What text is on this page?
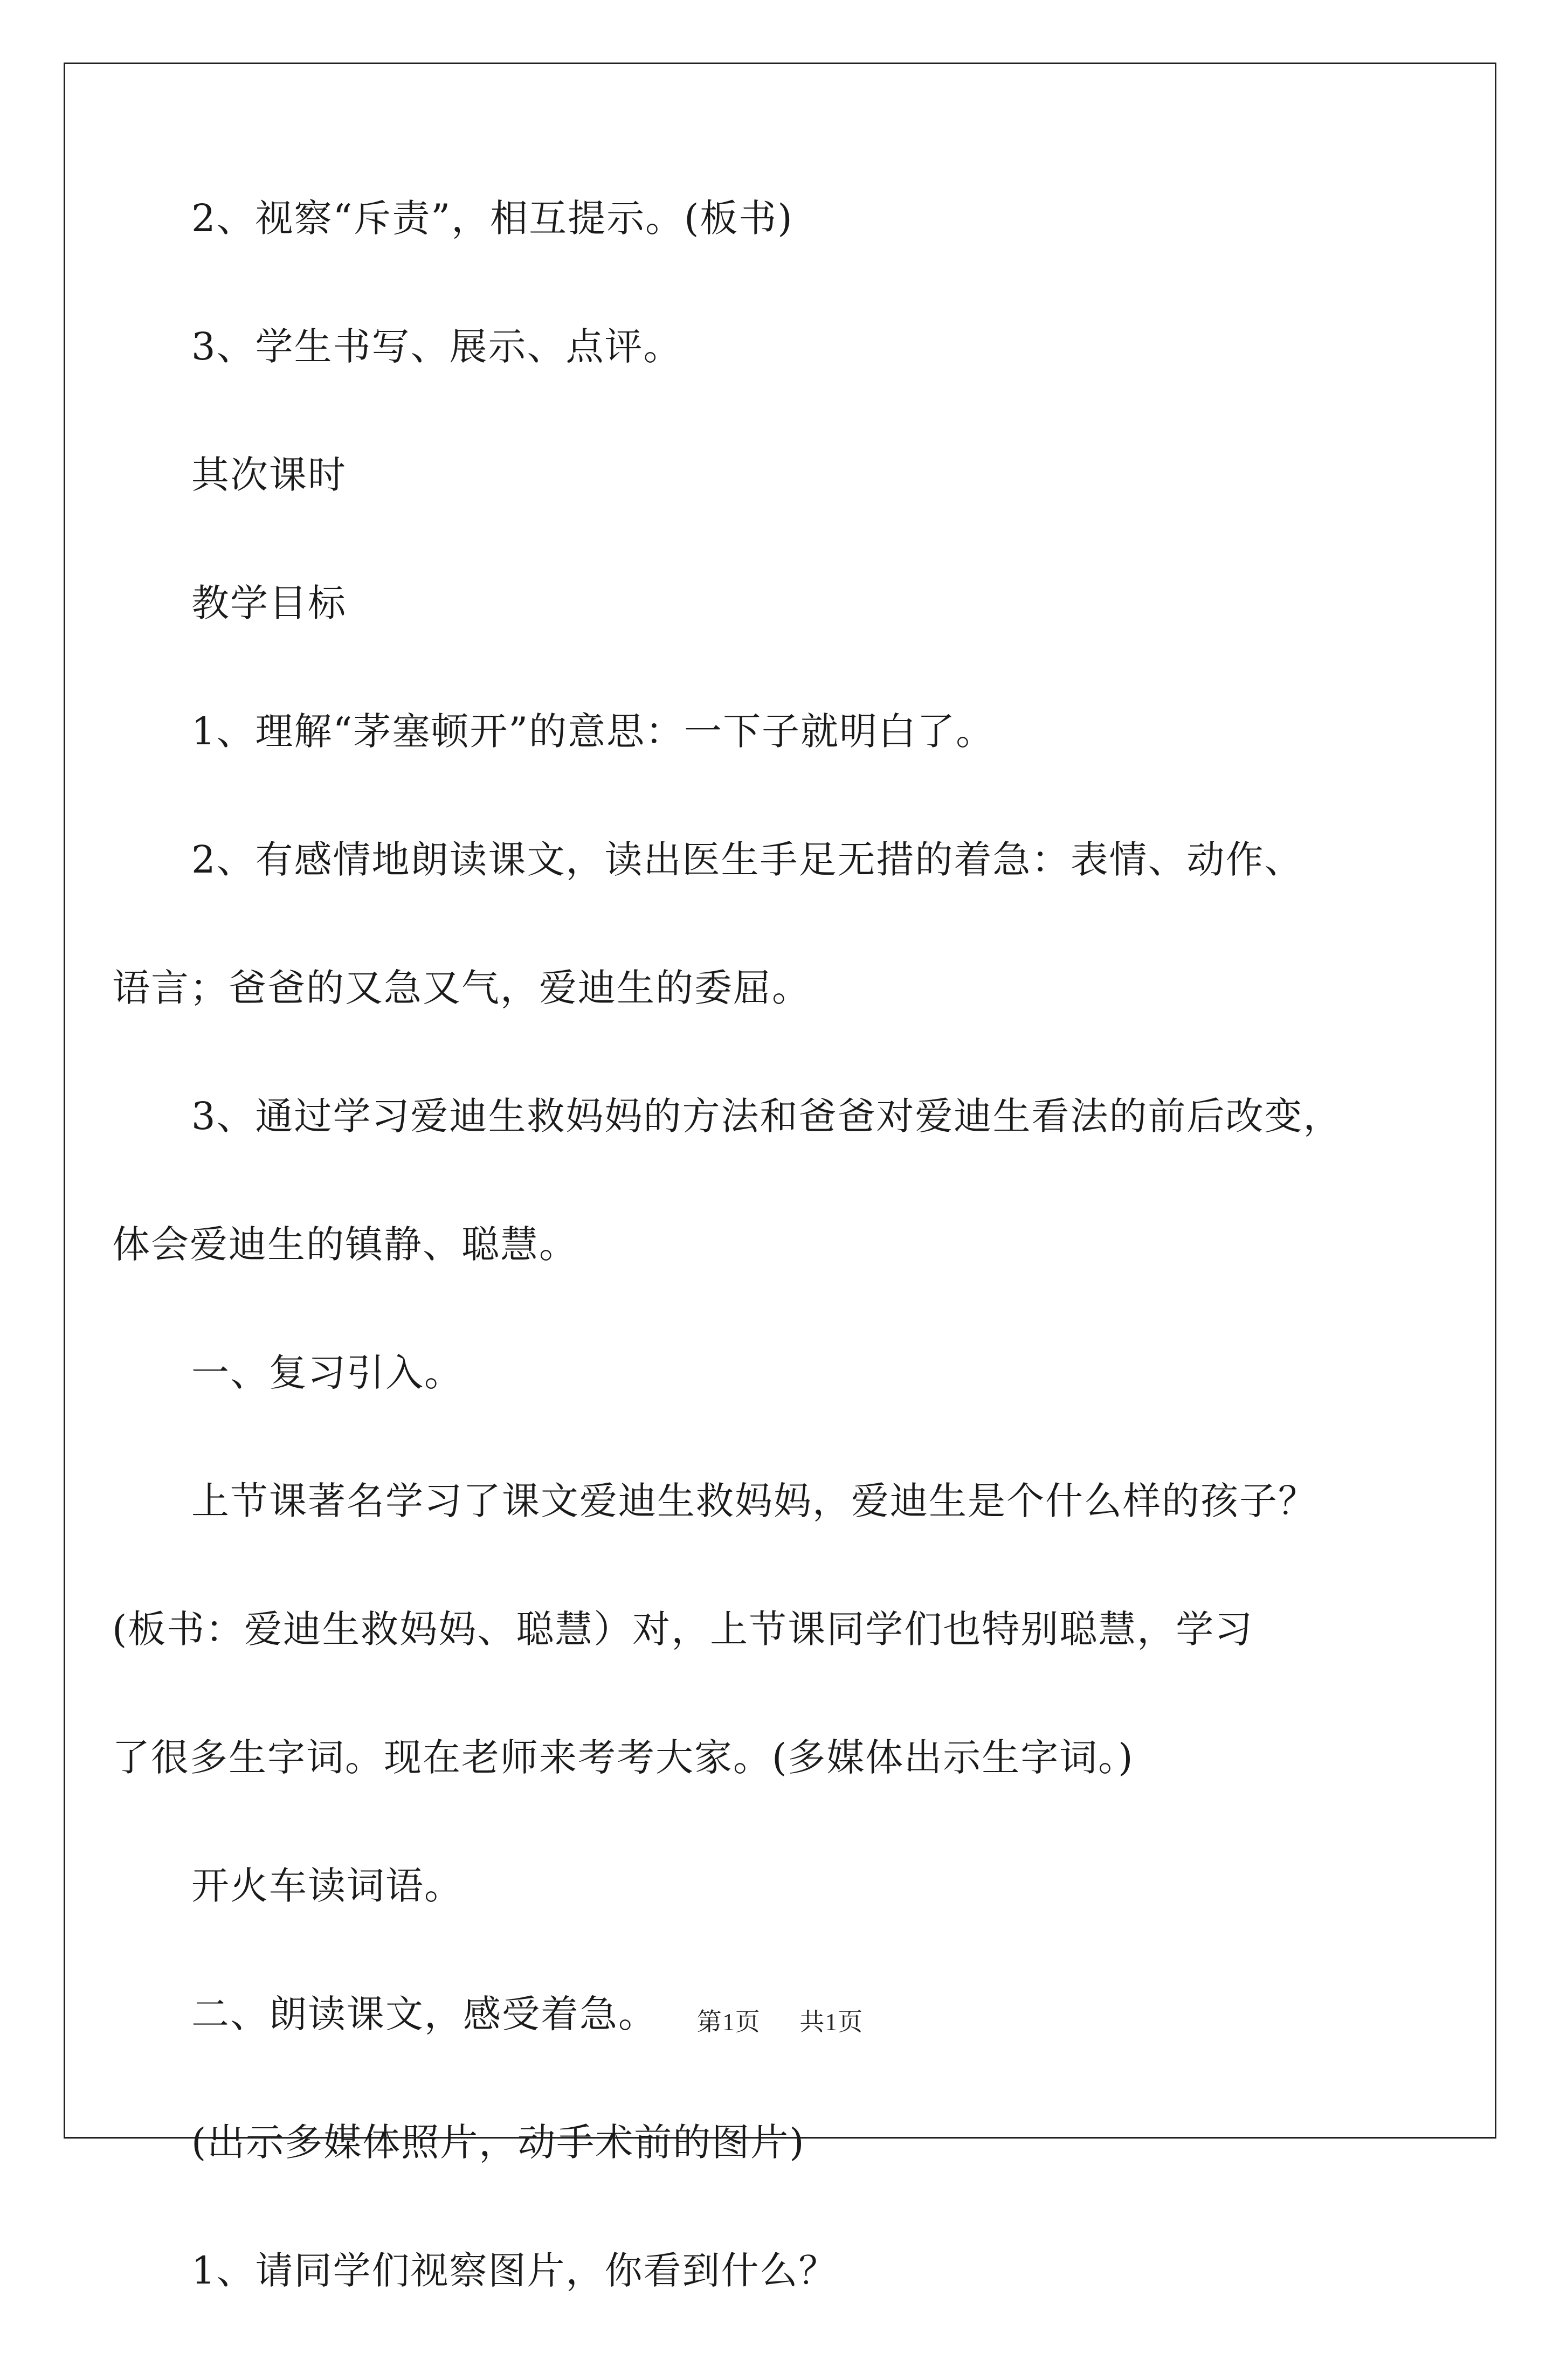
2、视察“斥责”，相互提示。(板书)

3、学生书写、展示、点评。

其次课时

教学目标

1、理解“茅塞顿开”的意思：一下子就明白了。

2、有感情地朗读课文，读出医生手足无措的着急：表情、动作、
语言；爸爸的又急又气，爱迪生的委屈。

3、通过学习爱迪生救妈妈的方法和爸爸对爱迪生看法的前后改变，
体会爱迪生的镇静、聪慧。

一、复习引入。

上节课著名学习了课文爱迪生救妈妈，爱迪生是个什么样的孩子？
(板书：爱迪生救妈妈、聪慧）对，上节课同学们也特别聪慧，学习
了很多生字词。现在老师来考考大家。(多媒体出示生字词。)

开火车读词语。

二、朗读课文，感受着急。

(出示多媒体照片，动手术前的图片)

1、请同学们视察图片，你看到什么？

第1页 共1页
